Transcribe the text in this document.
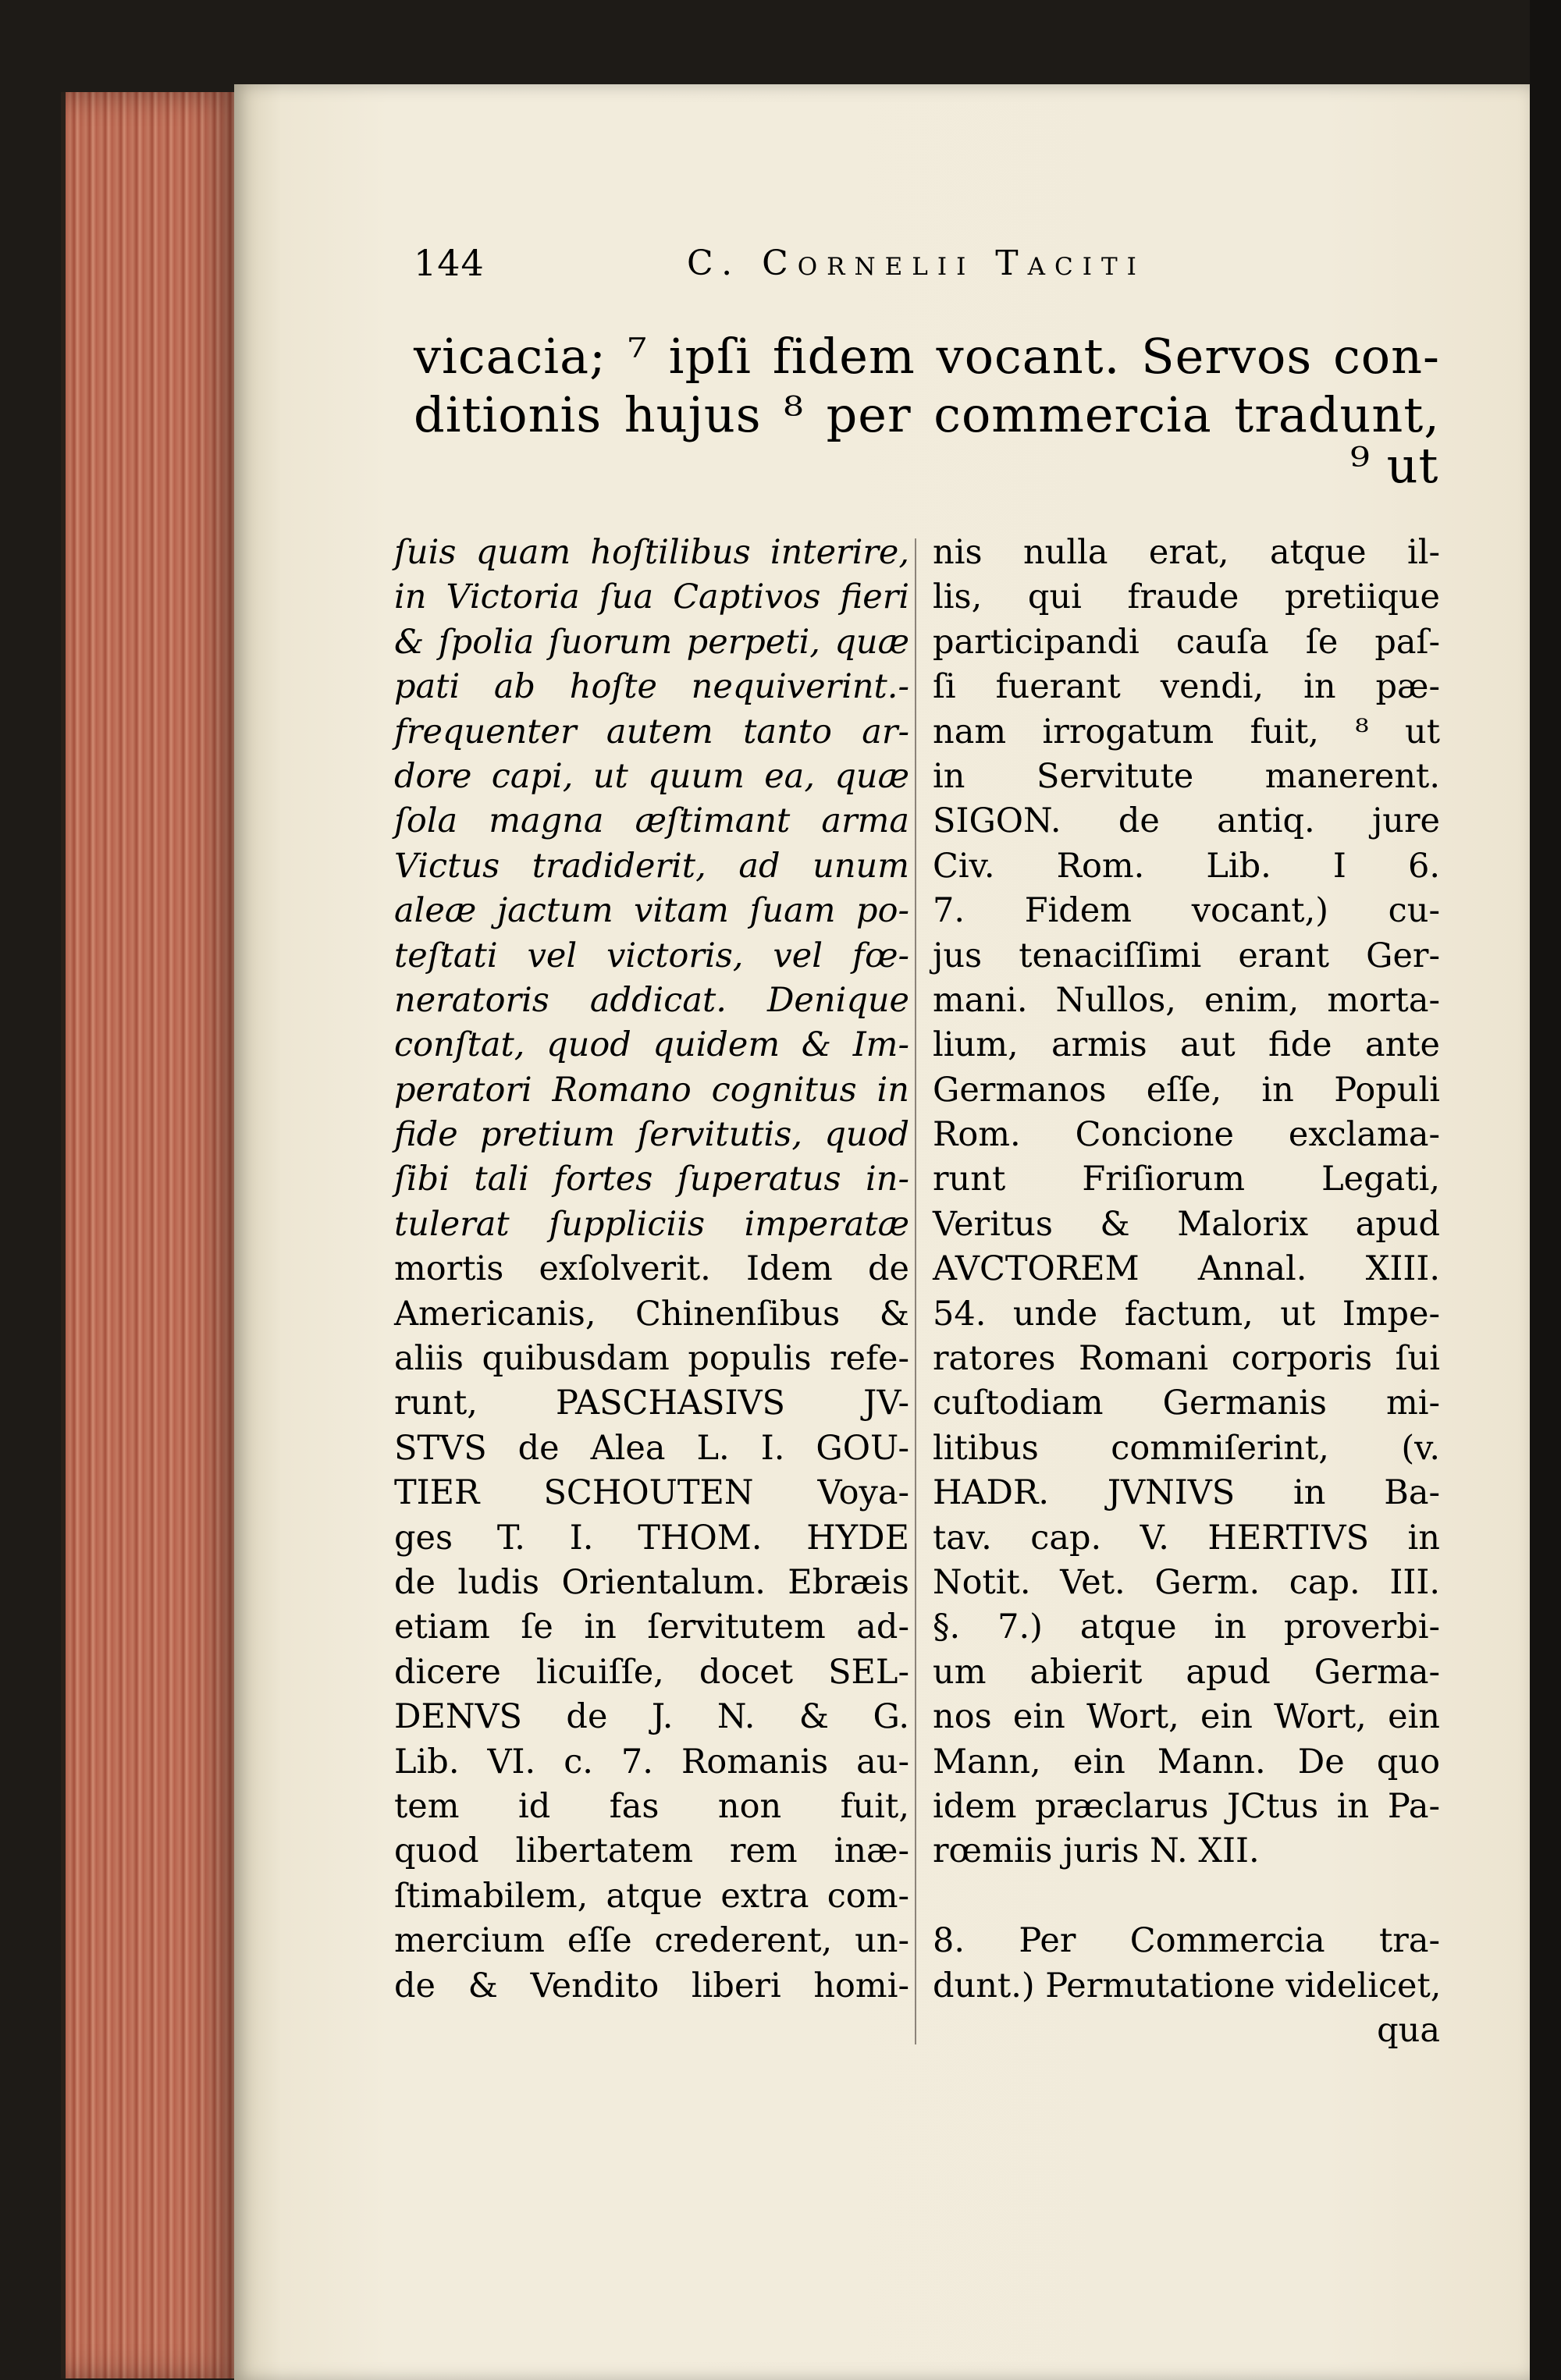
144	C. Cornelii Taciti
vicacia; ⁷ ipſi fidem vocant. Servos con-
ditionis hujus ⁸ per commercia tradunt,
⁹ ut
ſuis quam hoſtilibus interire,
in Victoria ſua Captivos fieri
& ſpolia ſuorum perpeti, quæ
pati ab hoſte nequiverint.-
frequenter autem tanto ar-
dore capi, ut quum ea, quæ
ſola magna æſtimant arma
Victus tradiderit, ad unum
aleæ jactum vitam ſuam po-
teſtati vel victoris, vel fœ-
neratoris addicat. Denique
conſtat, quod quidem & Im-
peratori Romano cognitus in
fide pretium ſervitutis, quod
ſibi tali fortes ſuperatus in-
tulerat ſuppliciis imperatæ
mortis exſolverit. Idem de
Americanis, Chinenſibus &
aliis quibusdam populis refe-
runt, PASCHASIVS JV-
STVS de Alea L. I. GOU-
TIER SCHOUTEN Voya-
ges T. I. THOM. HYDE
de ludis Orientalum. Ebræis
etiam ſe in ſervitutem ad-
dicere licuiſſe, docet SEL-
DENVS de J. N. & G.
Lib. VI. c. 7. Romanis au-
tem id fas non fuit,
quod libertatem rem inæ-
ſtimabilem, atque extra com-
mercium eſſe crederent, un-
de & Vendito liberi homi-
nis nulla erat, atque il-
lis, qui fraude pretiique
participandi cauſa ſe paſ-
ſi fuerant vendi, in pæ-
nam irrogatum fuit, ⁸ ut
in Servitute manerent.
SIGON. de antiq. jure
Civ. Rom. Lib. I 6.
7. Fidem vocant,) cu-
jus tenaciſſimi erant Ger-
mani. Nullos, enim, morta-
lium, armis aut fide ante
Germanos eſſe, in Populi
Rom. Concione exclama-
runt Friſiorum Legati,
Veritus & Malorix apud
AVCTOREM Annal. XIII.
54. unde factum, ut Impe-
ratores Romani corporis ſui
cuſtodiam Germanis mi-
litibus commiſerint, (v.
HADR. JVNIVS in Ba-
tav. cap. V. HERTIVS in
Notit. Vet. Germ. cap. III.
§. 7.) atque in proverbi-
um abierit apud Germa-
nos ein Wort, ein Wort, ein
Mann, ein Mann. De quo
idem præclarus JCtus in Pa-
rœmiis juris N. XII.
8. Per Commercia tra-
dunt.) Permutatione videlicet,
qua
